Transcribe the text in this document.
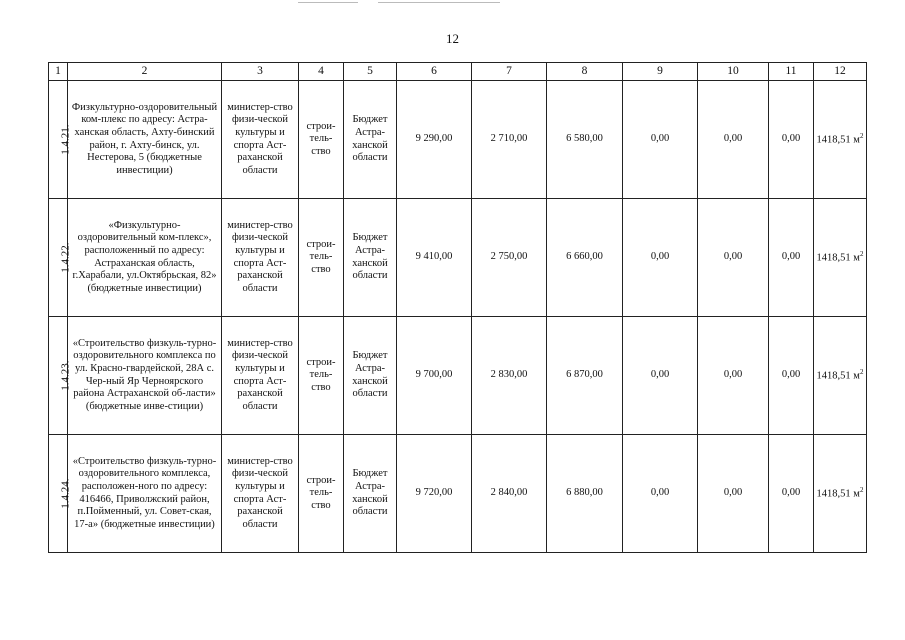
12
1	2	3	4	5	6	7	8	9	10	11	12
1.4.21.	Физкультурно-оздоровительный ком-плекс по адресу: Астра-ханская область, Ахту-бинский район, г. Ахту-бинск, ул. Нестерова, 5 (бюджетные инвестиции)	министер-ство физи-ческой культуры и спорта Аст-раханской области	строи-тель-ство	Бюджет Астра-ханской области	9 290,00	2 710,00	6 580,00	0,00	0,00	0,00	1418,51 $м^2$
1.4.22.	«Физкультурно-оздоровительный ком-плекс», расположенный по адресу: Астраханская область, г.Харабали, ул.Октябрьская, 82» (бюджетные инвестиции)	министер-ство физи-ческой культуры и спорта Аст-раханской области	строи-тель-ство	Бюджет Астра-ханской области	9 410,00	2 750,00	6 660,00	0,00	0,00	0,00	1418,51 $м^2$
1.4.23.	«Строительство физкуль-турно-оздоровительного комплекса по ул. Красно-гвардейской, 28А с. Чер-ный Яр Черноярского района Астраханской об-ласти» (бюджетные инве-стиции)	министер-ство физи-ческой культуры и спорта Аст-раханской области	строи-тель-ство	Бюджет Астра-ханской области	9 700,00	2 830,00	6 870,00	0,00	0,00	0,00	1418,51 $м^2$
1.4.24.	«Строительство физкуль-турно-оздоровительного комплекса, расположен-ного по адресу: 416466, Приволжский район, п.Пойменный, ул. Совет-ская, 17-а» (бюджетные инвестиции)	министер-ство физи-ческой культуры и спорта Аст-раханской области	строи-тель-ство	Бюджет Астра-ханской области	9 720,00	2 840,00	6 880,00	0,00	0,00	0,00	1418,51 $м^2$
